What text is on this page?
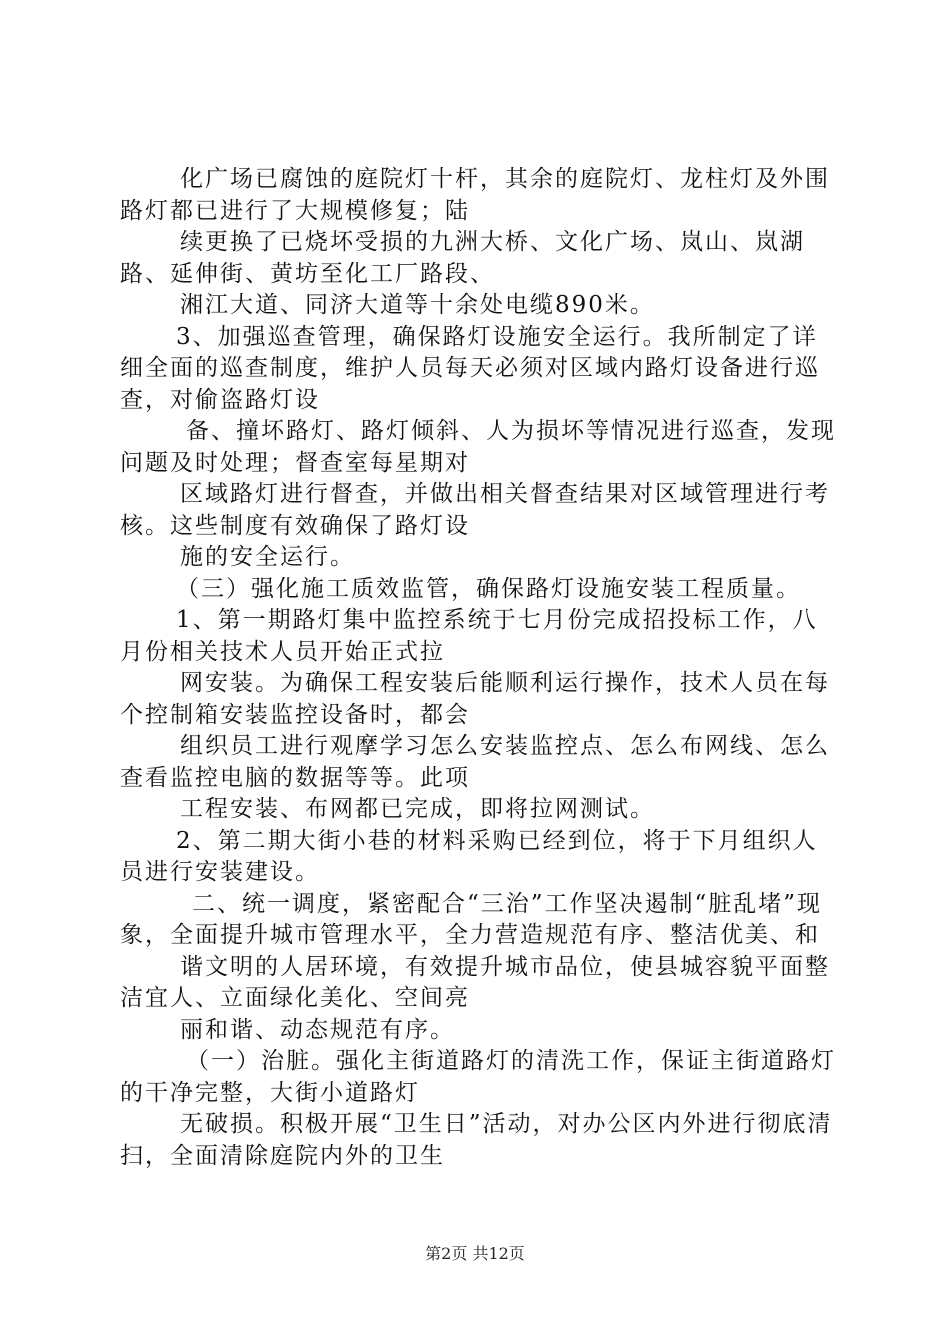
化广场已腐蚀的庭院灯十杆，其余的庭院灯、龙柱灯及外围路灯都已进行了大规模修复；陆

续更换了已烧坏受损的九洲大桥、文化广场、岚山、岚湖路、延伸街、黄坊至化工厂路段、

湘江大道、同济大道等十余处电缆890米。

3、加强巡查管理，确保路灯设施安全运行。我所制定了详细全面的巡查制度，维护人员每天必须对区域内路灯设备进行巡查，对偷盗路灯设

备、撞坏路灯、路灯倾斜、人为损坏等情况进行巡查，发现问题及时处理；督查室每星期对

区域路灯进行督查，并做出相关督查结果对区域管理进行考核。这些制度有效确保了路灯设

施的安全运行。

（三）强化施工质效监管，确保路灯设施安装工程质量。

1、第一期路灯集中监控系统于七月份完成招投标工作，八月份相关技术人员开始正式拉

网安装。为确保工程安装后能顺利运行操作，技术人员在每个控制箱安装监控设备时，都会

组织员工进行观摩学习怎么安装监控点、怎么布网线、怎么查看监控电脑的数据等等。此项

工程安装、布网都已完成，即将拉网测试。

2、第二期大街小巷的材料采购已经到位，将于下月组织人员进行安装建设。

二、统一调度，紧密配合“三治”工作坚决遏制“脏乱堵”现象，全面提升城市管理水平，全力营造规范有序、整洁优美、和

谐文明的人居环境，有效提升城市品位，使县城容貌平面整洁宜人、立面绿化美化、空间亮

丽和谐、动态规范有序。

（一）治脏。强化主街道路灯的清洗工作，保证主街道路灯的干净完整，大街小道路灯

无破损。积极开展“卫生日”活动，对办公区内外进行彻底清扫，全面清除庭院内外的卫生

第2页 共12页
